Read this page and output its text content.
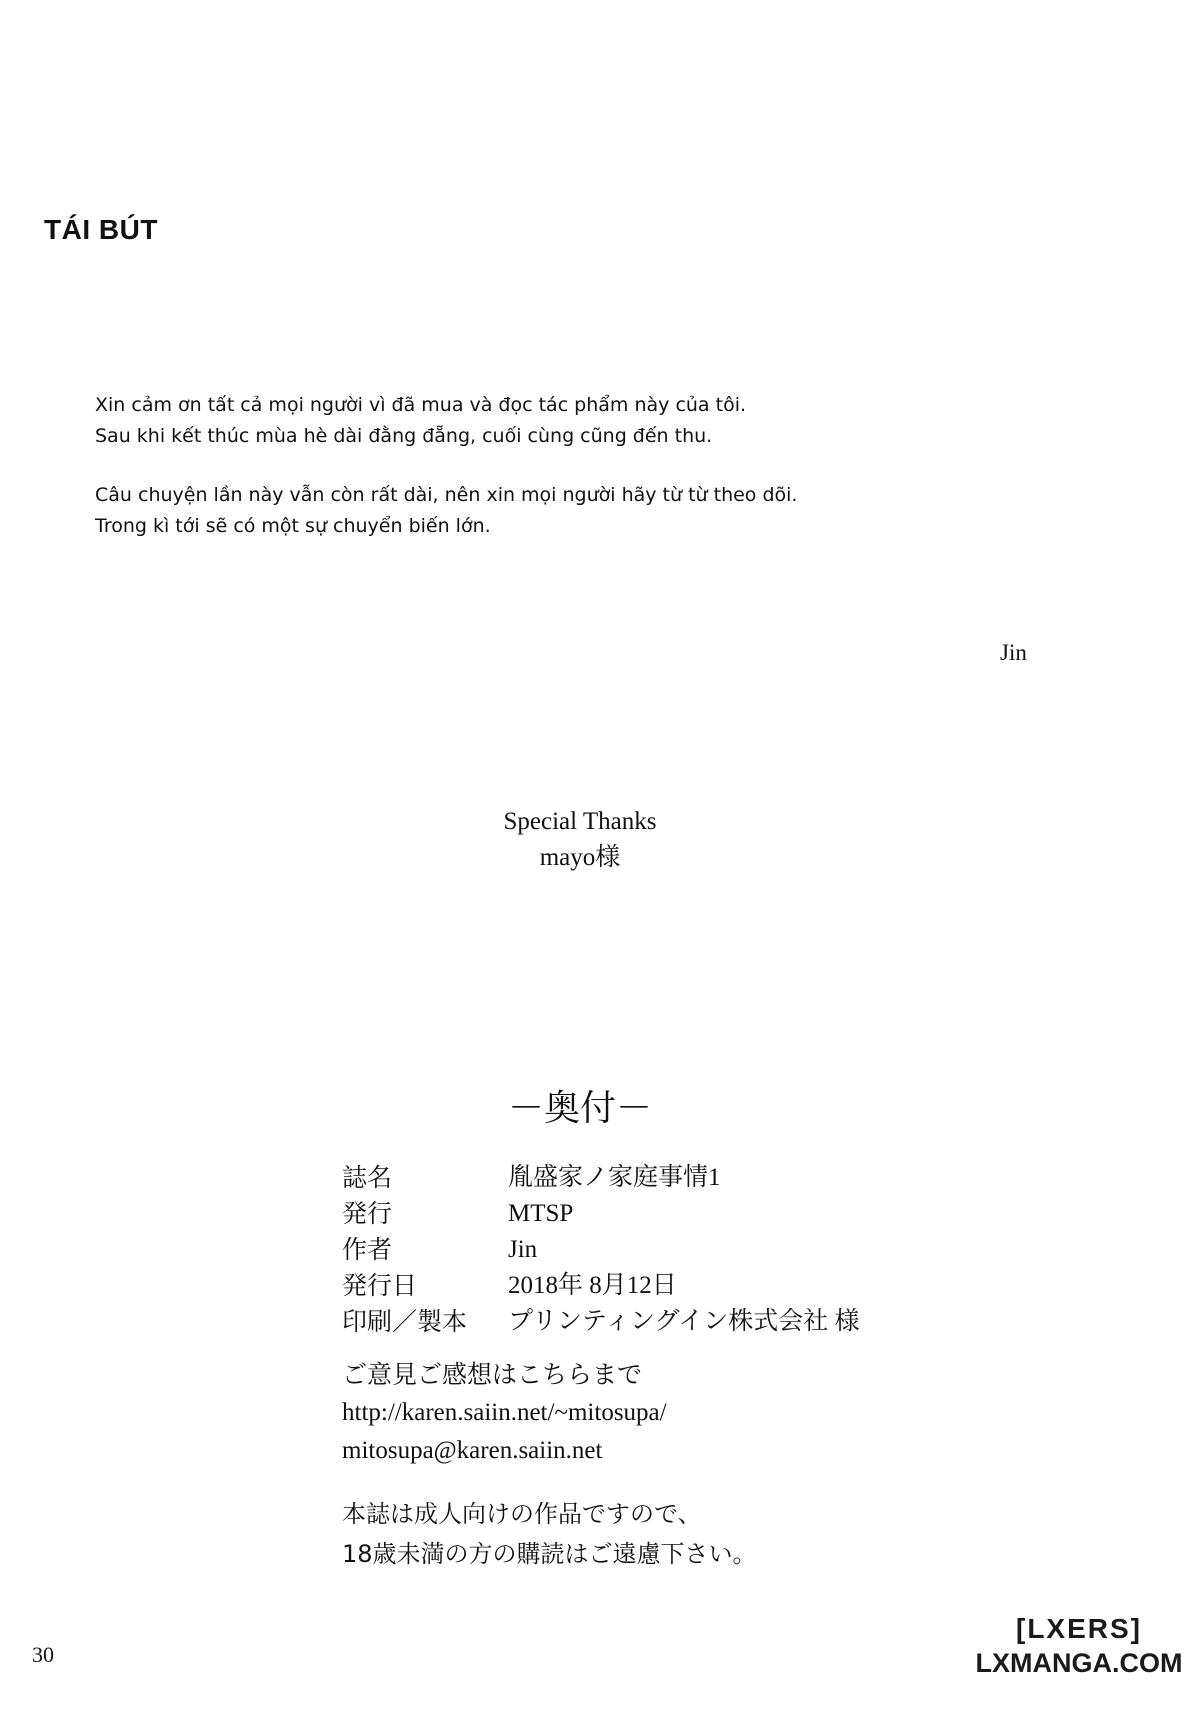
TÁI BÚT

Xin cảm ơn tất cả mọi người vì đã mua và đọc tác phẩm này của tôi.

Sau khi kết thúc mùa hè dài đằng đẵng, cuối cùng cũng đến thu.

Câu chuyện lần này vẫn còn rất dài, nên xin mọi người hãy từ từ theo dõi.

Trong kì tới sẽ có một sự chuyển biến lớn.

Jin
Special Thanks
mayo様
－奥付－
誌名	胤盛家ノ家庭事情1
発行	MTSP
作者	Jin
発行日	2018年 8月12日
印刷／製本	プリンティングイン株式会社 様
ご意見ご感想はこちらまで
http://karen.saiin.net/~mitosupa/
mitosupa@karen.saiin.net
本誌は成人向けの作品ですので、
18歳未満の方の購読はご遠慮下さい。
30
[LXERS]
LXMANGA.COM
